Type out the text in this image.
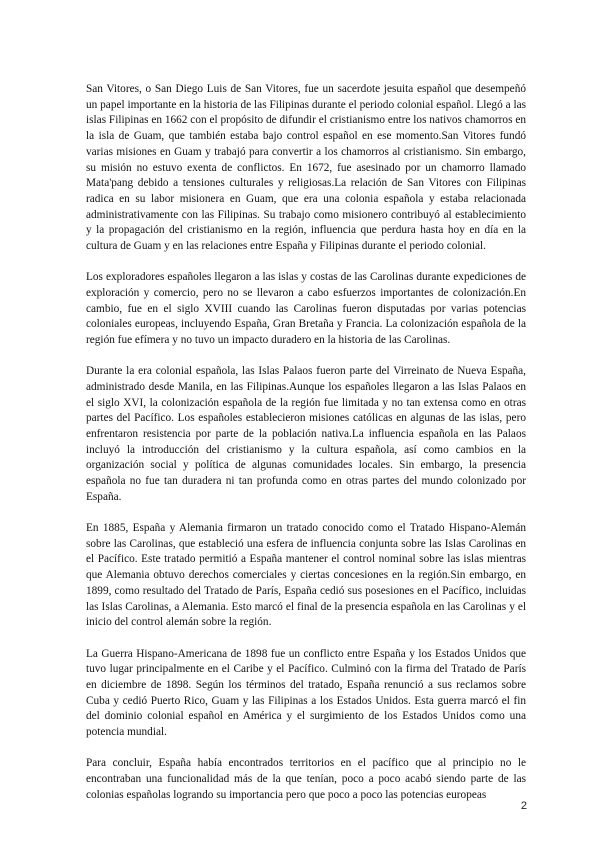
San Vitores, o San Diego Luis de San Vitores, fue un sacerdote jesuita español que desempeñó un papel importante en la historia de las Filipinas durante el periodo colonial español. Llegó a las islas Filipinas en 1662 con el propósito de difundir el cristianismo entre los nativos chamorros en la isla de Guam, que también estaba bajo control español en ese momento.San Vitores fundó varias misiones en Guam y trabajó para convertir a los chamorros al cristianismo. Sin embargo, su misión no estuvo exenta de conflictos. En 1672, fue asesinado por un chamorro llamado Mata'pang debido a tensiones culturales y religiosas.La relación de San Vitores con Filipinas radica en su labor misionera en Guam, que era una colonia española y estaba relacionada administrativamente con las Filipinas. Su trabajo como misionero contribuyó al establecimiento y la propagación del cristianismo en la región, influencia que perdura hasta hoy en día en la cultura de Guam y en las relaciones entre España y Filipinas durante el periodo colonial.

Los exploradores españoles llegaron a las islas y costas de las Carolinas durante expediciones de exploración y comercio, pero no se llevaron a cabo esfuerzos importantes de colonización.En cambio, fue en el siglo XVIII cuando las Carolinas fueron disputadas por varias potencias coloniales europeas, incluyendo España, Gran Bretaña y Francia. La colonización española de la región fue efímera y no tuvo un impacto duradero en la historia de las Carolinas.

Durante la era colonial española, las Islas Palaos fueron parte del Virreinato de Nueva España, administrado desde Manila, en las Filipinas.Aunque los españoles llegaron a las Islas Palaos en el siglo XVI, la colonización española de la región fue limitada y no tan extensa como en otras partes del Pacífico. Los españoles establecieron misiones católicas en algunas de las islas, pero enfrentaron resistencia por parte de la población nativa.La influencia española en las Palaos incluyó la introducción del cristianismo y la cultura española, así como cambios en la organización social y política de algunas comunidades locales. Sin embargo, la presencia española no fue tan duradera ni tan profunda como en otras partes del mundo colonizado por España.

En 1885, España y Alemania firmaron un tratado conocido como el Tratado Hispano-Alemán sobre las Carolinas, que estableció una esfera de influencia conjunta sobre las Islas Carolinas en el Pacífico. Este tratado permitió a España mantener el control nominal sobre las islas mientras que Alemania obtuvo derechos comerciales y ciertas concesiones en la región.Sin embargo, en 1899, como resultado del Tratado de París, España cedió sus posesiones en el Pacífico, incluidas las Islas Carolinas, a Alemania. Esto marcó el final de la presencia española en las Carolinas y el inicio del control alemán sobre la región.

La Guerra Hispano-Americana de 1898 fue un conflicto entre España y los Estados Unidos que tuvo lugar principalmente en el Caribe y el Pacífico. Culminó con la firma del Tratado de París en diciembre de 1898. Según los términos del tratado, España renunció a sus reclamos sobre Cuba y cedió Puerto Rico, Guam y las Filipinas a los Estados Unidos. Esta guerra marcó el fin del dominio colonial español en América y el surgimiento de los Estados Unidos como una potencia mundial.

Para concluir, España había encontrados territorios en el pacífico que al principio no le encontraban una funcionalidad más de la que tenían, poco a poco acabó siendo parte de las colonias españolas logrando su importancia pero que poco a poco las potencias europeas

2
